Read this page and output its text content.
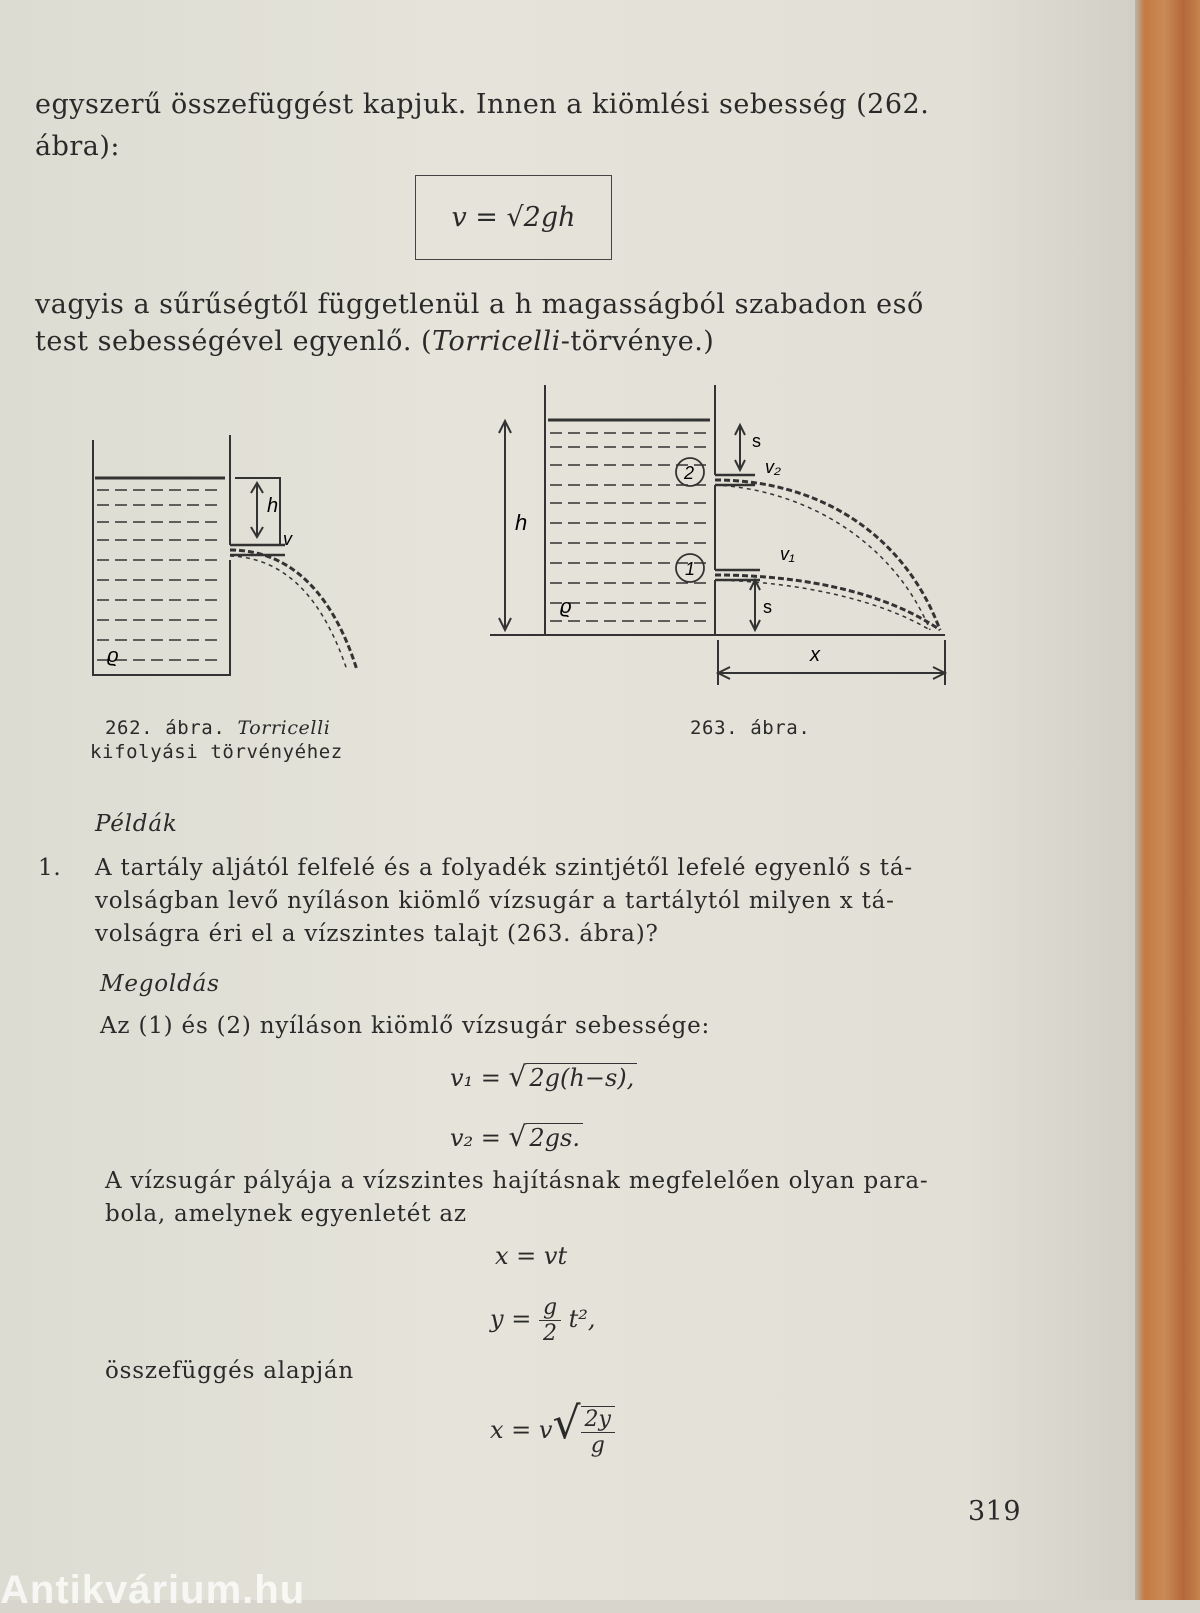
egyszerű összefüggést kapjuk. Innen a kiömlési sebesség (262.
ábra):
v = √2gh
vagyis a sűrűségtől függetlenül a h magasságból szabadon eső
test sebességével egyenlő. (Torricelli-törvénye.)
h
v
ϱ
262. ábra. Torricelli
kifolyási törvényéhez
h
s
v₂
v₁
s
x
2
1
ϱ
263. ábra.
Példák
1. A tartály aljától felfelé és a folyadék szintjétől lefelé egyenlő s tá-
volságban levő nyíláson kiömlő vízsugár a tartálytól milyen x tá-
volságra éri el a vízszintes talajt (263. ábra)?
Megoldás
Az (1) és (2) nyíláson kiömlő vízsugár sebessége:
v₁ = √ 2g(h−s),
v₂ = √ 2gs.
A vízsugár pályája a vízszintes hajításnak megfelelően olyan para-
bola, amelynek egyenletét az
x = vt
$y = \frac{g}{2} t^2$,
összefüggés alapján
$x = v√ \frac{2y}{g}$
319
Antikvárium.hu
